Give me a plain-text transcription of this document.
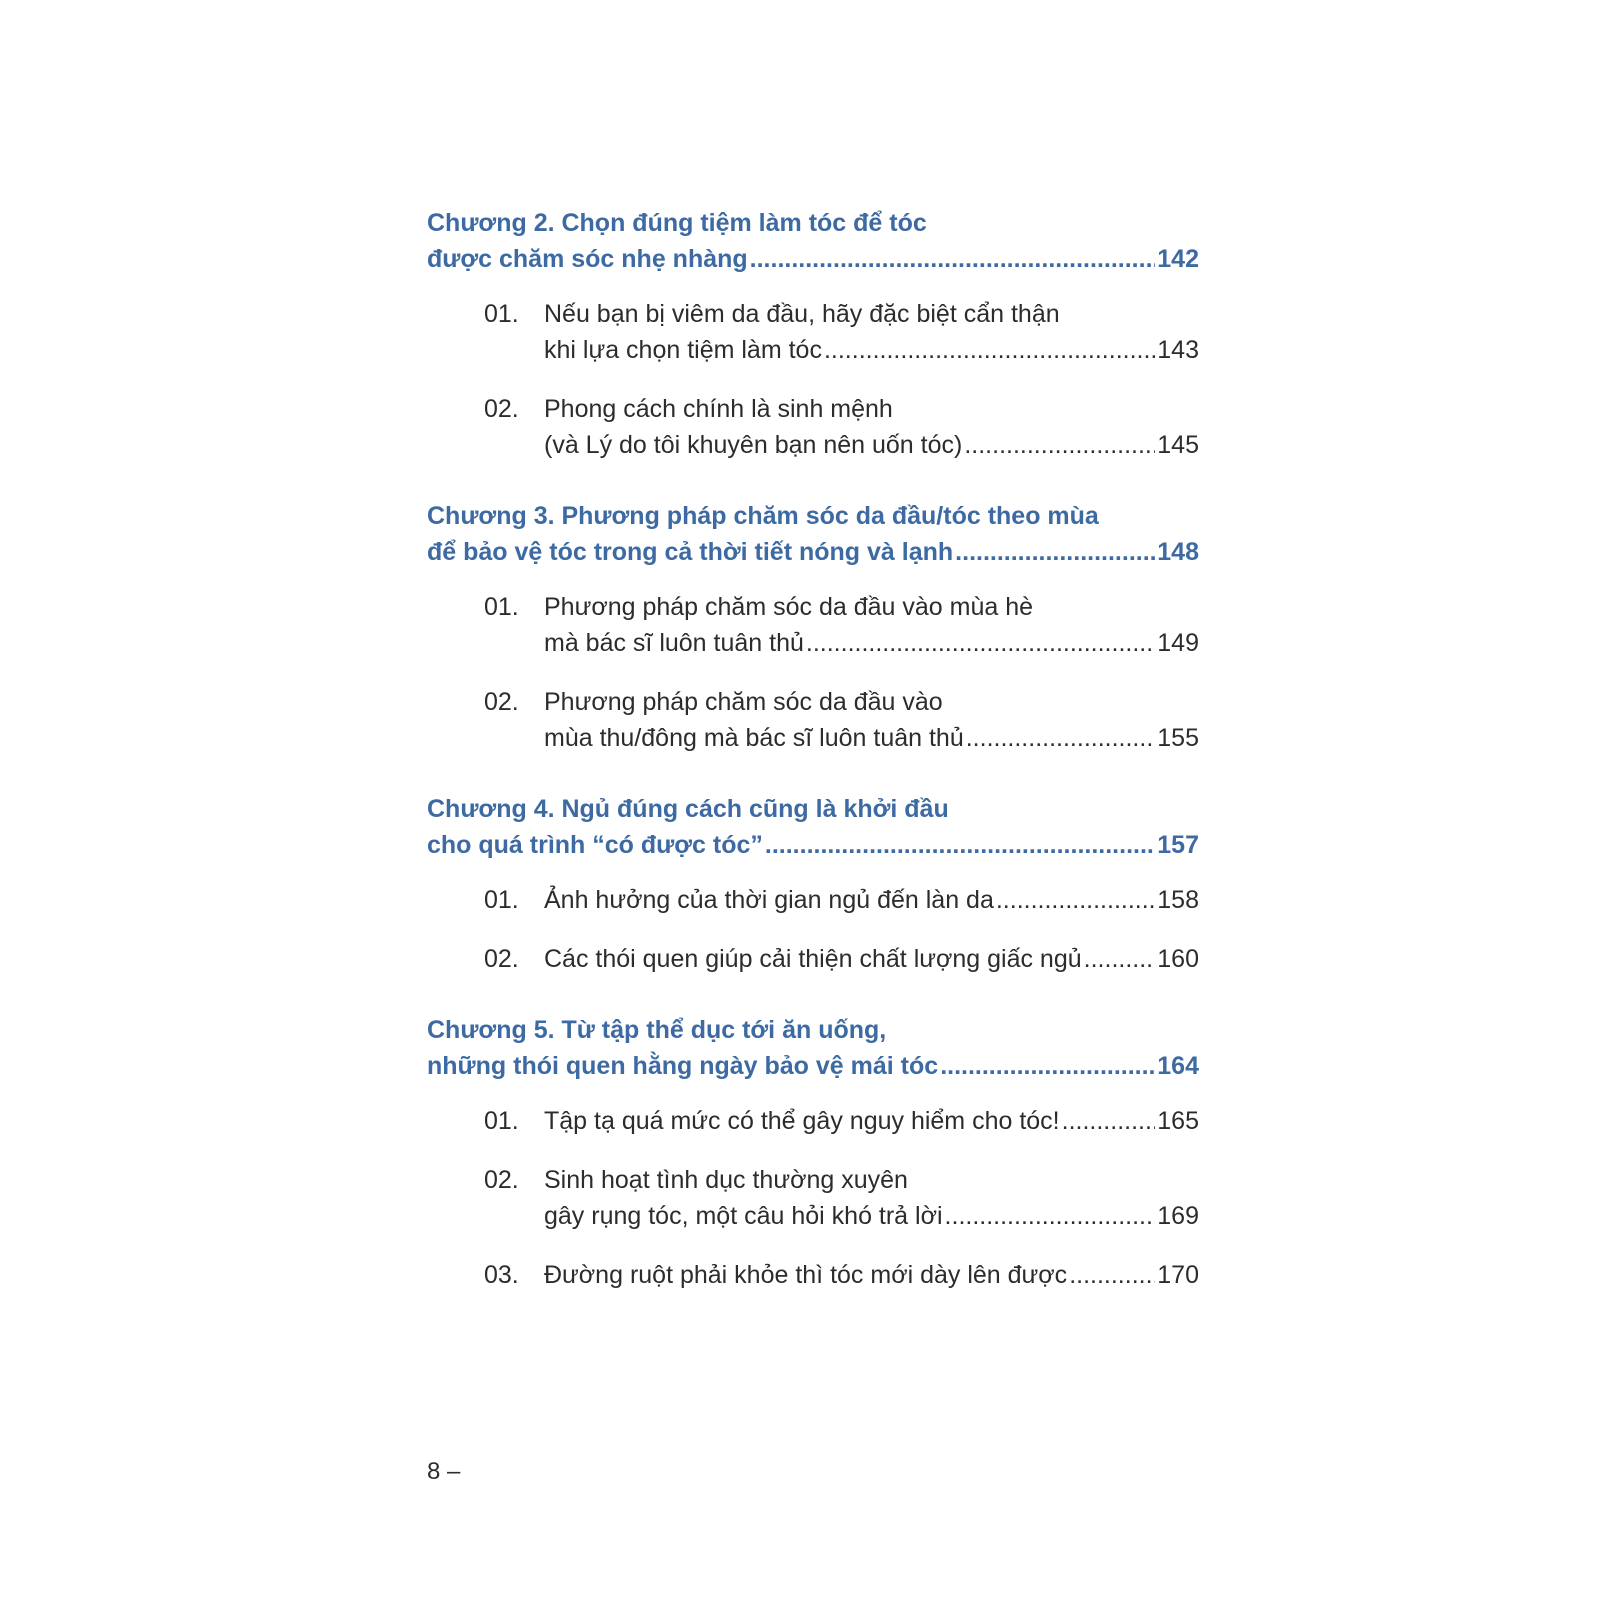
Chương 2. Chọn đúng tiệm làm tóc để tóc
được chăm sóc nhẹ nhàng .....	142
01.	Nếu bạn bị viêm da đầu, hãy đặc biệt cẩn thận
khi lựa chọn tiệm làm tóc .....	143
02.	Phong cách chính là sinh mệnh
(và Lý do tôi khuyên bạn nên uốn tóc) .....	145
Chương 3. Phương pháp chăm sóc da đầu/tóc theo mùa
để bảo vệ tóc trong cả thời tiết nóng và lạnh .....	148
01.	Phương pháp chăm sóc da đầu vào mùa hè
mà bác sĩ luôn tuân thủ .....	149
02.	Phương pháp chăm sóc da đầu vào
mùa thu/đông mà bác sĩ luôn tuân thủ .....	155
Chương 4. Ngủ đúng cách cũng là khởi đầu
cho quá trình “có được tóc” .....	157
01.	Ảnh hưởng của thời gian ngủ đến làn da .....	158
02.	Các thói quen giúp cải thiện chất lượng giấc ngủ .....	160
Chương 5. Từ tập thể dục tới ăn uống,
những thói quen hằng ngày bảo vệ mái tóc .....	164
01.	Tập tạ quá mức có thể gây nguy hiểm cho tóc! .....	165
02.	Sinh hoạt tình dục thường xuyên
gây rụng tóc, một câu hỏi khó trả lời .....	169
03.	Đường ruột phải khỏe thì tóc mới dày lên được .....	170
8 –
